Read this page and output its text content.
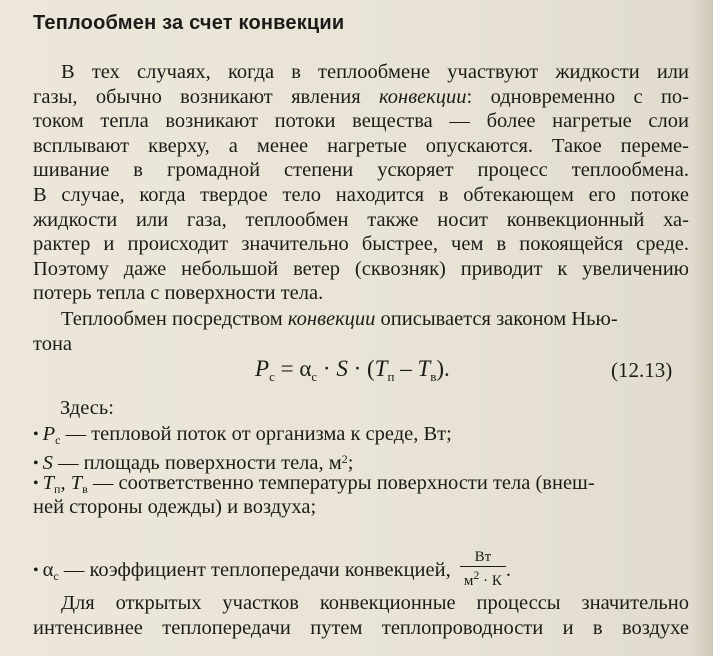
Теплообмен за счет конвекции
В тех случаях, когда в теплообмене участвуют жидкости или
газы, обычно возникают явления конвекции: одновременно с по-
током тепла возникают потоки вещества — более нагретые слои
всплывают кверху, а менее нагретые опускаются. Такое переме-
шивание в громадной степени ускоряет процесс теплообмена.
В случае, когда твердое тело находится в обтекающем его потоке
жидкости или газа, теплообмен также носит конвекционный ха-
рактер и происходит значительно быстрее, чем в покоящейся среде.
Поэтому даже небольшой ветер (сквозняк) приводит к увеличению
потерь тепла с поверхности тела.
Теплообмен посредством конвекции описывается законом Нью-
тона
$P_с = \alpha_с \cdot S \cdot (T_п - T_в)$.	(12.13)
Здесь:
• $P_с$ — тепловой поток от организма к среде, Вт;
• S — площадь поверхности тела, $м^2$;
• $T_п$, $T_в$ — соответственно температуры поверхности тела (внеш-
ней стороны одежды) и воздуха;
• $\alpha_с$ — коэффициент теплопередачи конвекцией, $\frac{Вт}{м^2 \cdot К}$ .
Для открытых участков конвекционные процессы значительно
интенсивнее теплопередачи путем теплопроводности и в воздухе
